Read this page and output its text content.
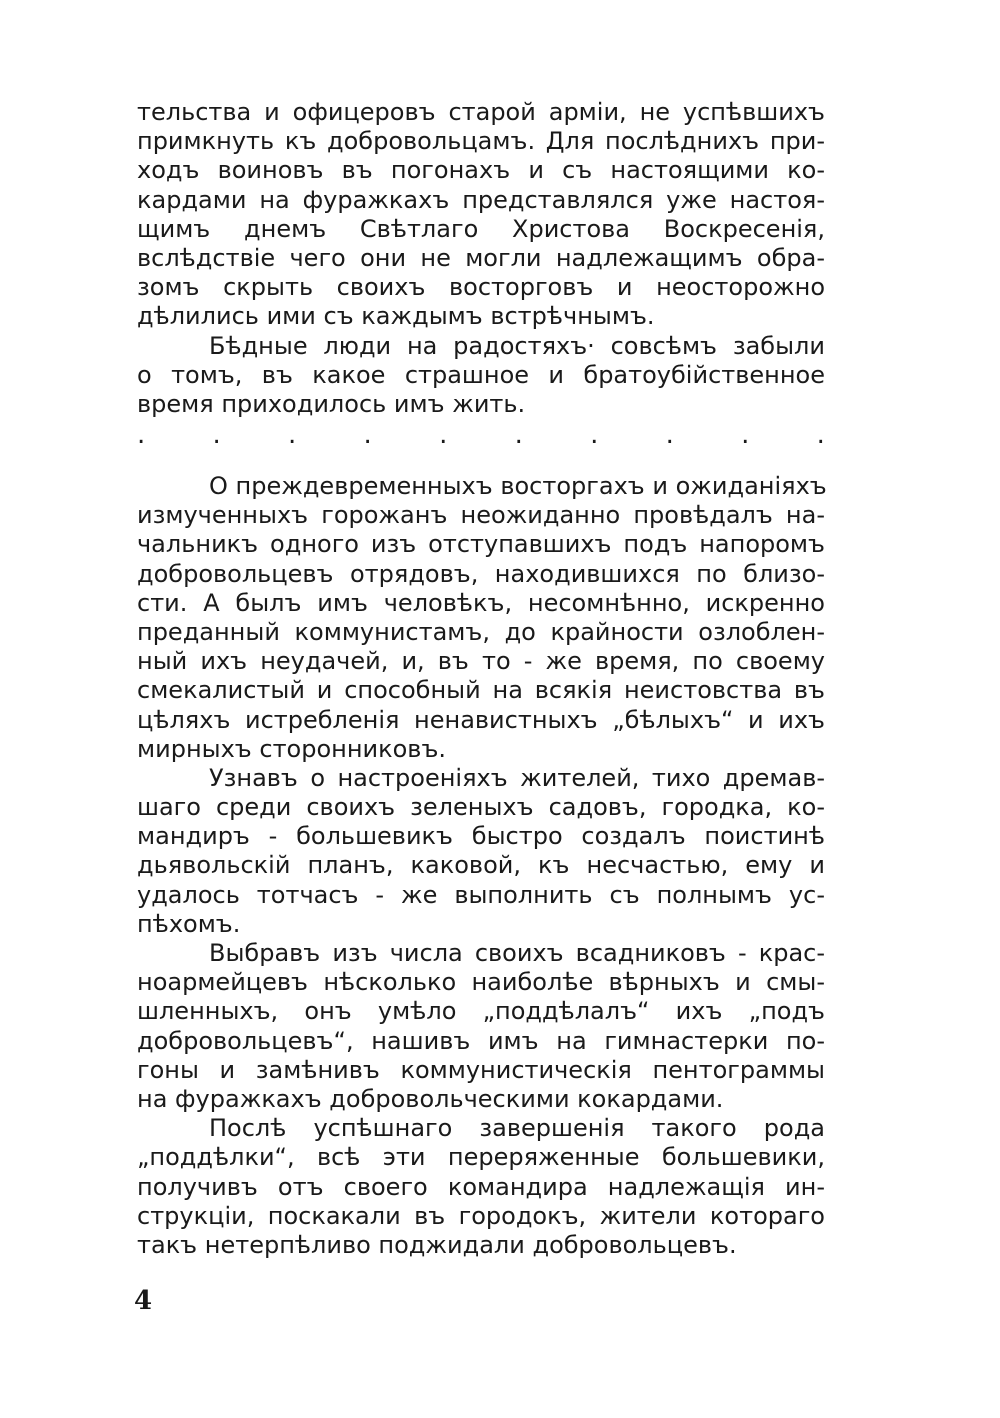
тельства и офицеровъ старой арміи, не успѣвшихъ
примкнуть къ добровольцамъ. Для послѣднихъ при-
ходъ воиновъ въ погонахъ и съ настоящими ко-
кардами на фуражкахъ представлялся уже настоя-
щимъ днемъ Свѣтлаго Христова Воскресенія,
вслѣдствіе чего они не могли надлежащимъ обра-
зомъ скрыть своихъ восторговъ и неосторожно
дѣлились ими съ каждымъ встрѣчнымъ.
Бѣдные люди на радостяхъ· совсѣмъ забыли
о томъ, въ какое страшное и братоубійственное
время приходилось имъ жить.
.	.	.	.	.	.	.	.	.	.
О преждевременныхъ восторгахъ и ожиданіяхъ
измученныхъ горожанъ неожиданно провѣдалъ на-
чальникъ одного изъ отступавшихъ подъ напоромъ
добровольцевъ отрядовъ, находившихся по близо-
сти. А былъ имъ человѣкъ, несомнѣнно, искренно
преданный коммунистамъ, до крайности озлоблен-
ный ихъ неудачей, и, въ то - же время, по своему
смекалистый и способный на всякія неистовства въ
цѣляхъ истребленія ненавистныхъ „бѣлыхъ“ и ихъ
мирныхъ сторонниковъ.
Узнавъ о настроеніяхъ жителей, тихо дремав-
шаго среди своихъ зеленыхъ садовъ, городка, ко-
мандиръ - большевикъ быстро создалъ поистинѣ
дьявольскій планъ, каковой, къ несчастью, ему и
удалось тотчасъ - же выполнить съ полнымъ ус-
пѣхомъ.
Выбравъ изъ числа своихъ всадниковъ - крас-
ноармейцевъ нѣсколько наиболѣе вѣрныхъ и смы-
шленныхъ, онъ умѣло „поддѣлалъ“ ихъ „подъ
добровольцевъ“, нашивъ имъ на гимнастерки по-
гоны и замѣнивъ коммунистическія пентограммы
на фуражкахъ добровольческими кокардами.
Послѣ успѣшнаго завершенія такого рода
„поддѣлки“, всѣ эти переряженные большевики,
получивъ отъ своего командира надлежащія ин-
струкціи, поскакали въ городокъ, жители котораго
такъ нетерпѣливо поджидали добровольцевъ.
4
